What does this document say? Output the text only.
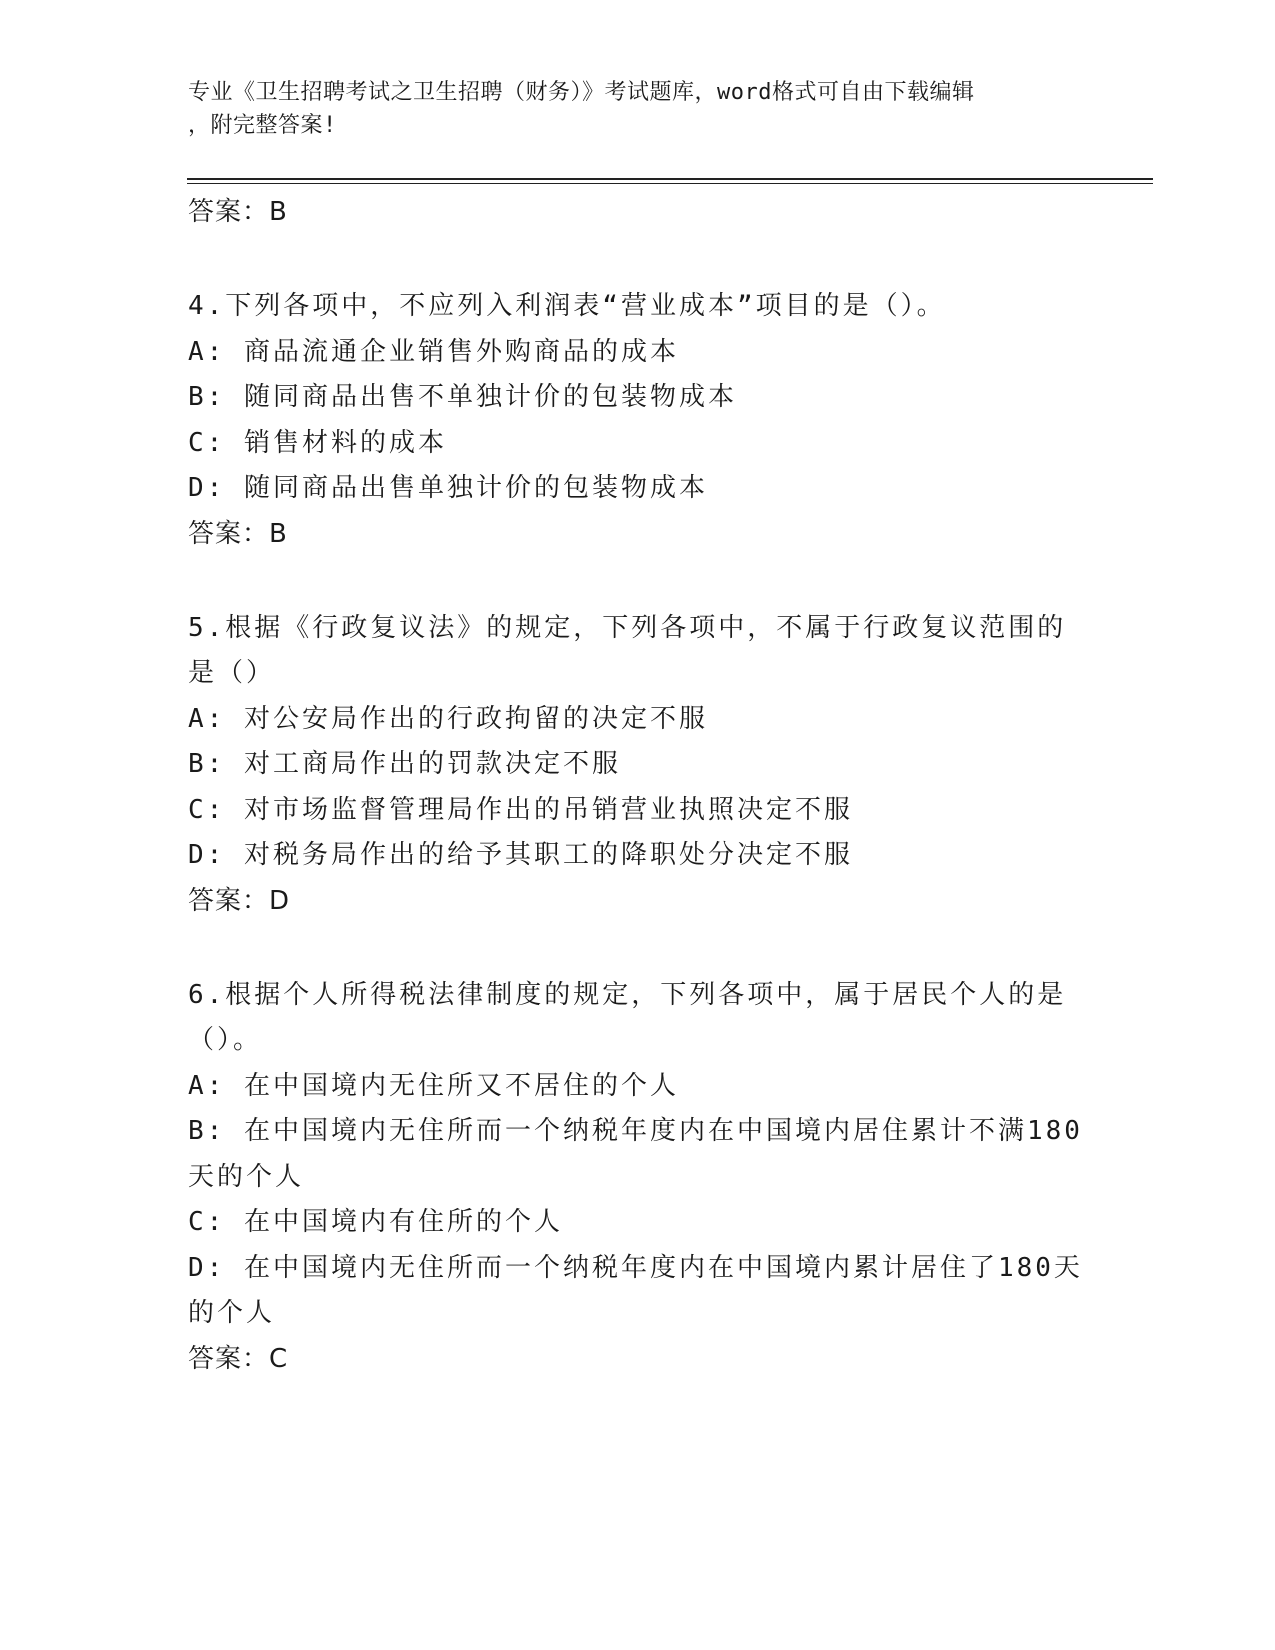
专业《卫生招聘考试之卫生招聘（财务）》考试题库，word格式可自由下载编辑
，附完整答案!

答案：B

4.下列各项中，不应列入利润表“营业成本”项目的是（）。

A: 商品流通企业销售外购商品的成本

B: 随同商品出售不单独计价的包装物成本

C: 销售材料的成本

D: 随同商品出售单独计价的包装物成本

答案：B

5.根据《行政复议法》的规定，下列各项中，不属于行政复议范围的是（）

A: 对公安局作出的行政拘留的决定不服

B: 对工商局作出的罚款决定不服

C: 对市场监督管理局作出的吊销营业执照决定不服

D: 对税务局作出的给予其职工的降职处分决定不服

答案：D

6.根据个人所得税法律制度的规定，下列各项中，属于居民个人的是（）。

A: 在中国境内无住所又不居住的个人

B: 在中国境内无住所而一个纳税年度内在中国境内居住累计不满180天的个人

C: 在中国境内有住所的个人

D: 在中国境内无住所而一个纳税年度内在中国境内累计居住了180天的个人

答案：C
